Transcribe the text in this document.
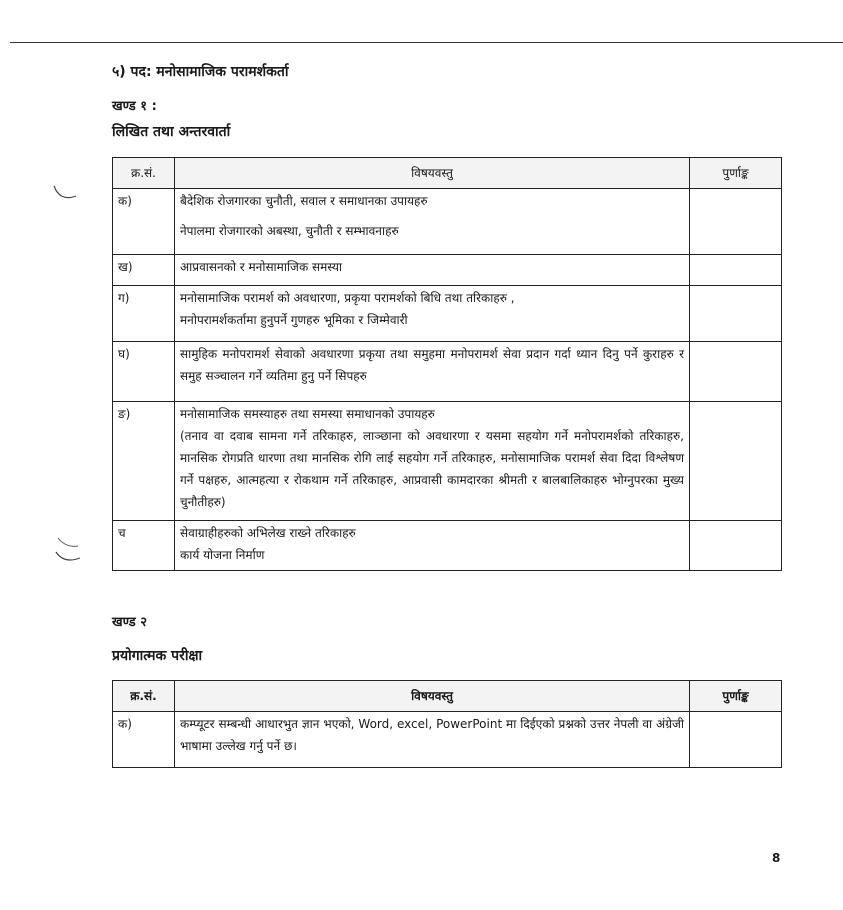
५) पद: मनोसामाजिक परामर्शकर्ता
खण्ड १ :
लिखित तथा अन्तरवार्ता
क्र.सं.	विषयवस्तु	पुर्णाङ्क
क)	बैदेशिक रोजगारका चुनौती, सवाल र समाधानका उपायहरु
नेपालमा रोजगारको अबस्था, चुनौती र सम्भावनाहरु	

ख)	आप्रवासनको र मनोसामाजिक समस्या	

ग)	मनोसामाजिक परामर्श को अवधारणा, प्रकृया परामर्शको बिधि तथा तरिकाहरु ,
मनोपरामर्शकर्तामा हुनुपर्ने गुणहरु भूमिका र जिम्मेवारी	

घ)	सामुहिक मनोपरामर्श सेवाको अवधारणा प्रकृया तथा समुहमा मनोपरामर्श सेवा प्रदान गर्दा ध्यान दिनु पर्ने कुराहरु र समुह सञ्चालन गर्ने व्यतिमा हुनु पर्ने सिपहरु	

ङ)	मनोसामाजिक समस्याहरु तथा समस्या समाधानको उपायहरु
(तनाव वा दवाब सामना गर्ने तरिकाहरु, लाञ्छाना को अवधारणा र यसमा सहयोग गर्ने मनोपरामर्शको तरिकाहरु, मानसिक रोगप्रति धारणा तथा मानसिक रोगि लाई सहयोग गर्ने तरिकाहरु, मनोसामाजिक परामर्श सेवा दिदा विश्लेषण गर्ने पक्षहरु, आत्महत्या र रोकथाम गर्ने तरिकाहरु, आप्रवासी कामदारका श्रीमती र बालबालिकाहरु भोग्नुपरका मुख्य चुनौतीहरु)	

च	सेवाग्राहीहरुको अभिलेख राख्ने तरिकाहरु
कार्य योजना निर्माण	

खण्ड २
प्रयोगात्मक परीक्षा
क्र.सं.	विषयवस्तु	पुर्णाङ्क
क)	कम्प्यूटर सम्बन्धी आधारभुत ज्ञान भएको, Word, excel, PowerPoint मा दिईएको प्रश्नको उत्तर नेपली वा अंग्रेजी भाषामा उल्लेख गर्नु पर्ने छ।	

8
